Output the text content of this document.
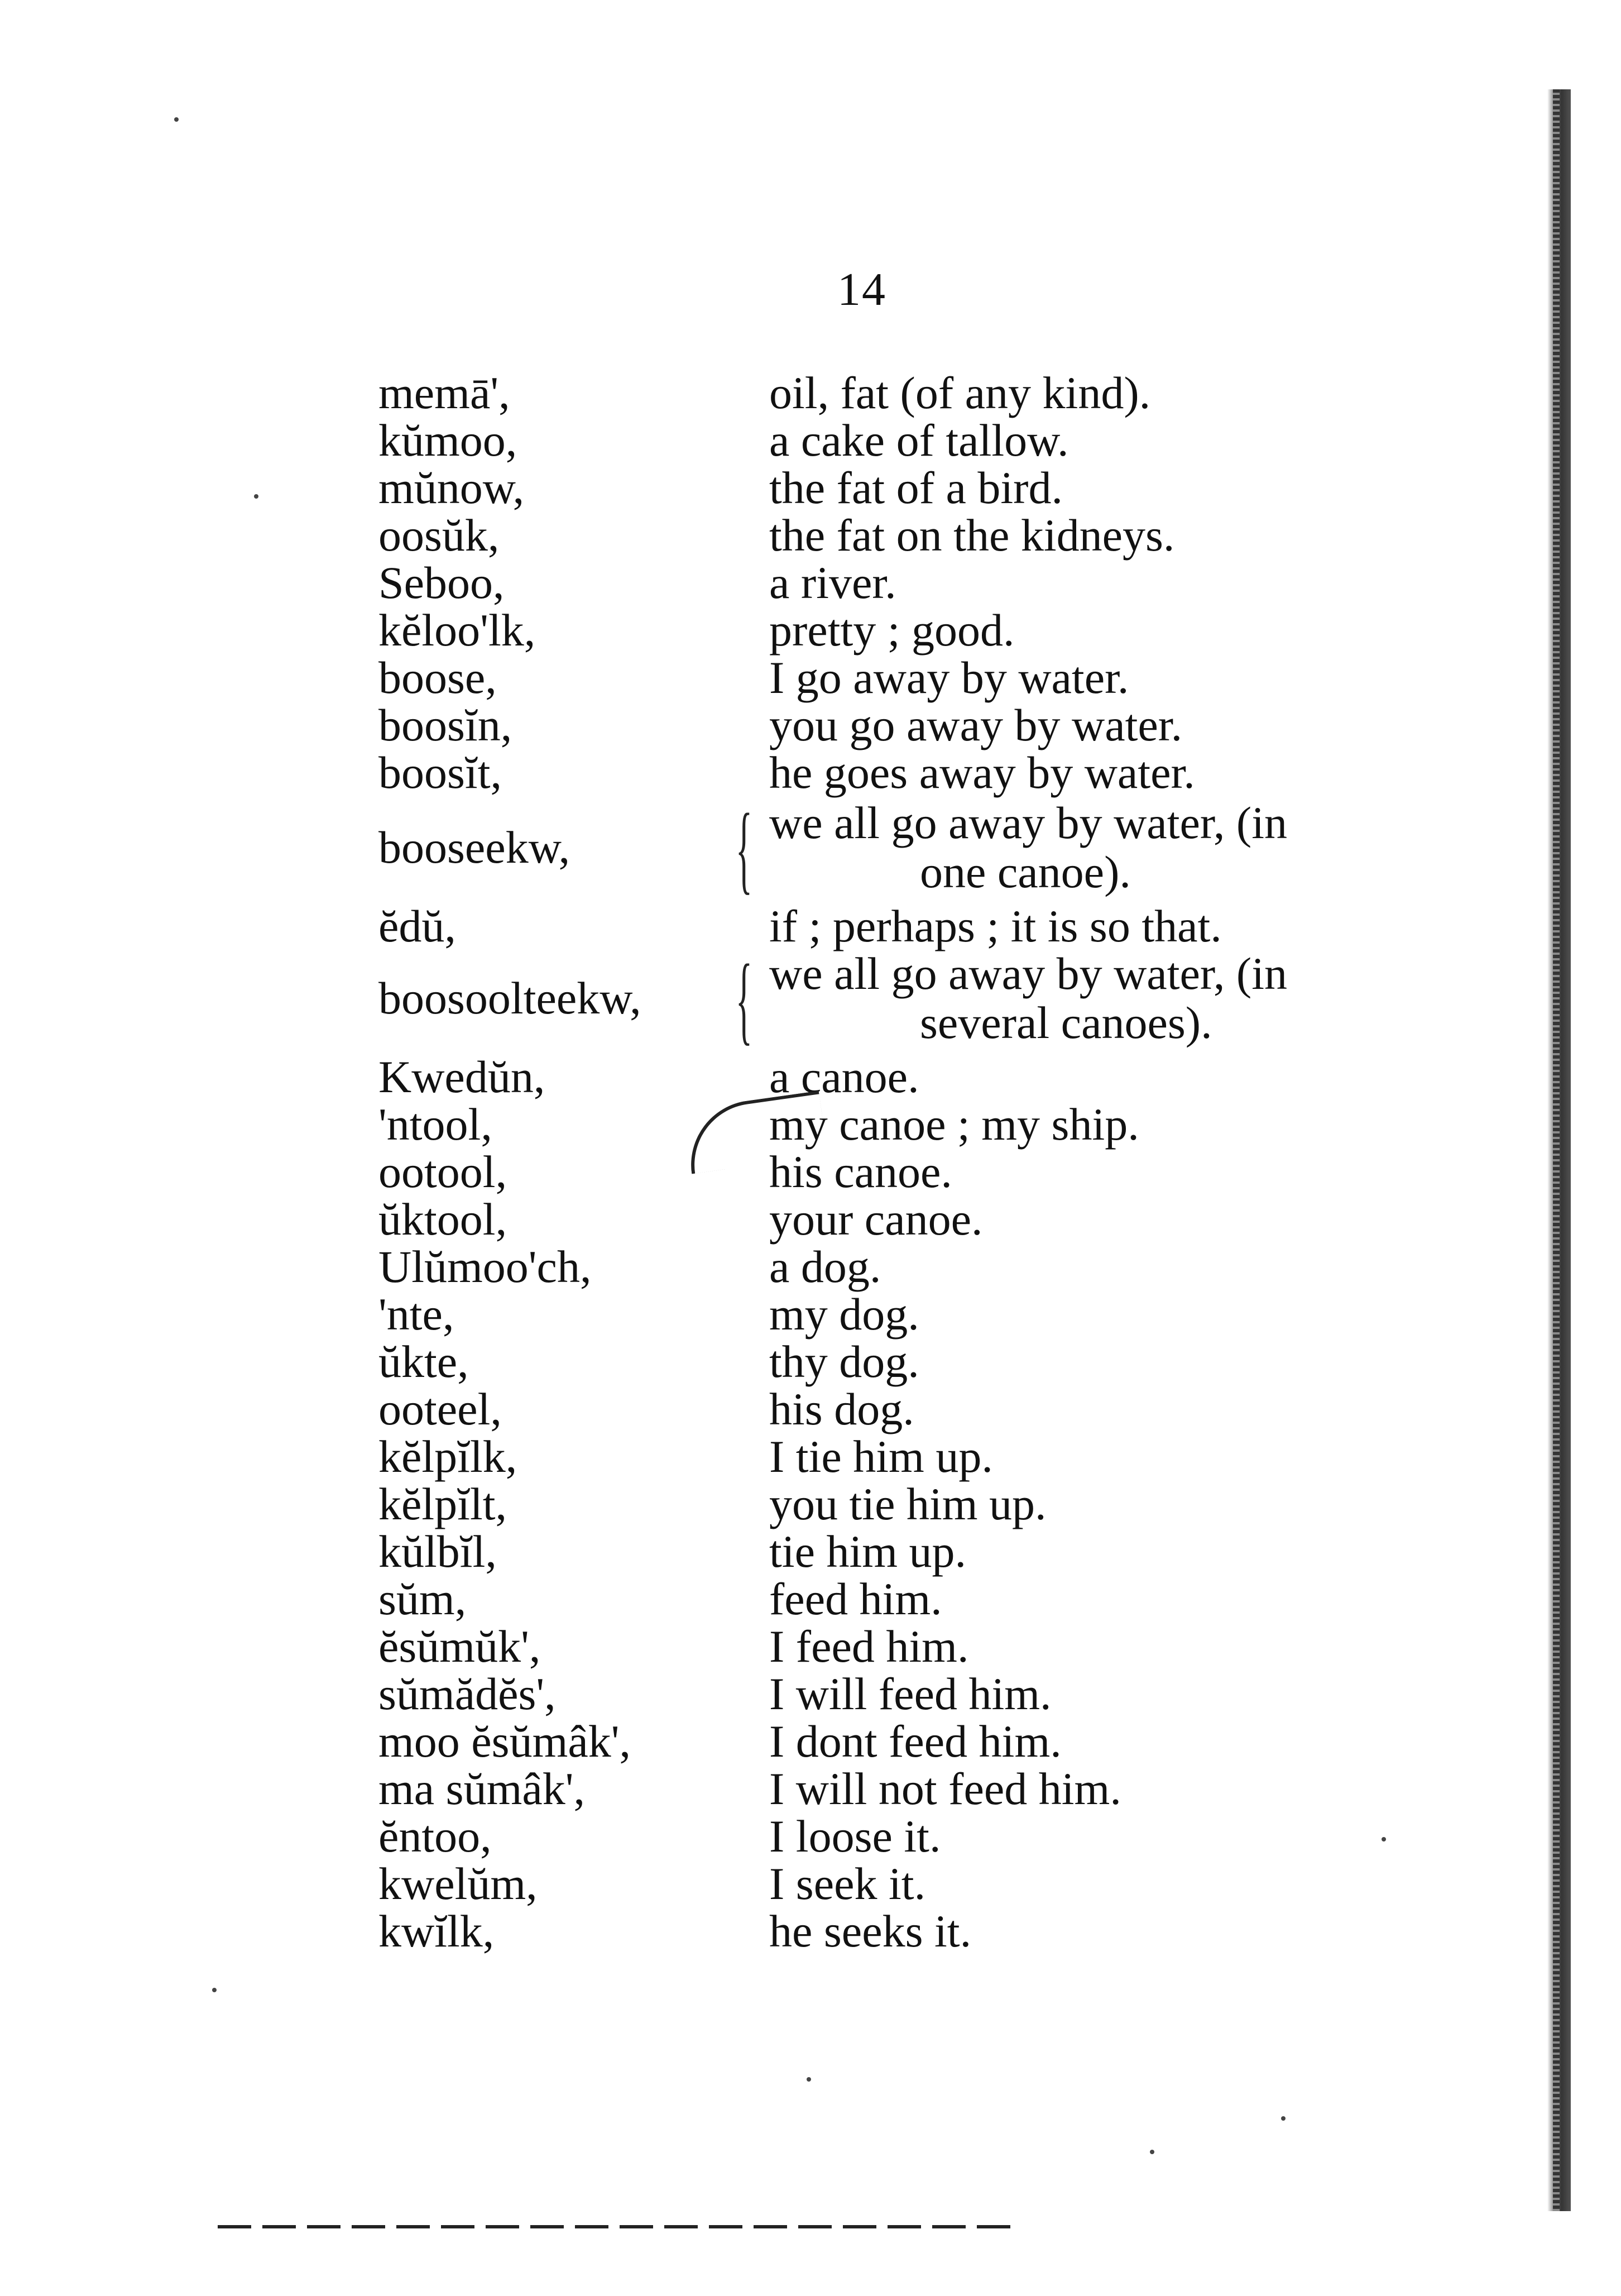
14
memā',	oil, fat (of any kind).
kŭmoo,	a cake of tallow.
mŭnow,	the fat of a bird.
oosŭk,	the fat on the kidneys.
Seboo,	a river.
kĕloo'lk,	pretty ; good.
boose,	I go away by water.
boosĭn,	you go away by water.
boosĭt,	he goes away by water.
booseekw, { we all go away by water, (in
one canoe).
ĕdŭ,	if ; perhaps ; it is so that.
boosoolteekw, { we all go away by water, (in
several canoes).
Kwedŭn,	a canoe.
'ntool,	my canoe ; my ship.
ootool,	his canoe.
ŭktool,	your canoe.
Ulŭmoo'ch,	a dog.
'nte,	my dog.
ŭkte,	thy dog.
ooteel,	his dog.
kĕlpĭlk,	I tie him up.
kĕlpĭlt,	you tie him up.
kŭlbĭl,	tie him up.
sŭm,	feed him.
ĕsŭmŭk',	I feed him.
sŭmădĕs',	I will feed him.
moo ĕsŭmâk',	I dont feed him.
ma sŭmâk',	I will not feed him.
ĕntoo,	I loose it.
kwelŭm,	I seek it.
kwĭlk,	he seeks it.
